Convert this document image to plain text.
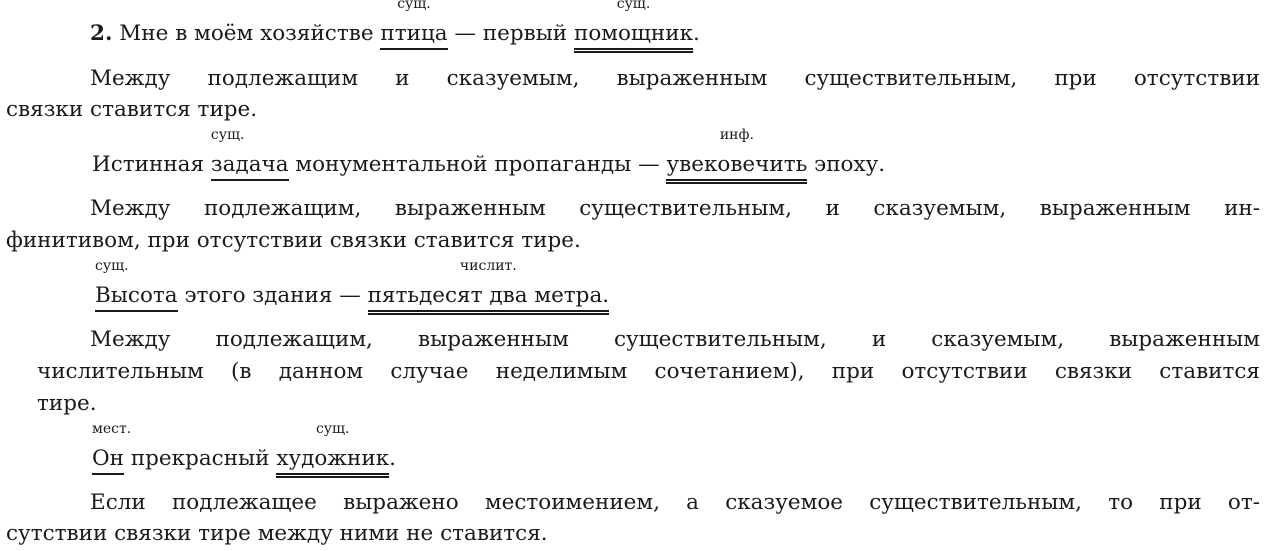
2. Мне в моём хозяйстве
сущ.
птица — первый
сущ.
помощник.
Между подлежащим и сказуемым, выраженным существительным, при отсутствии
связки ставится тире.
Истинная
сущ.
задача монументальной пропаганды —
инф.
увековечить эпоху.
Между подлежащим, выраженным существительным, и сказуемым, выраженным ин-
финитивом, при отсутствии связки ставится тире.
сущ.
Высота этого здания —
числит.
пятьдесят два метра.
Между подлежащим, выраженным существительным, и сказуемым, выраженным
числительным (в данном случае неделимым сочетанием), при отсутствии связки ставится
тире.
мест.
Он прекрасный
сущ.
художник.
Если подлежащее выражено местоимением, а сказуемое существительным, то при от-
сутствии связки тире между ними не ставится.
